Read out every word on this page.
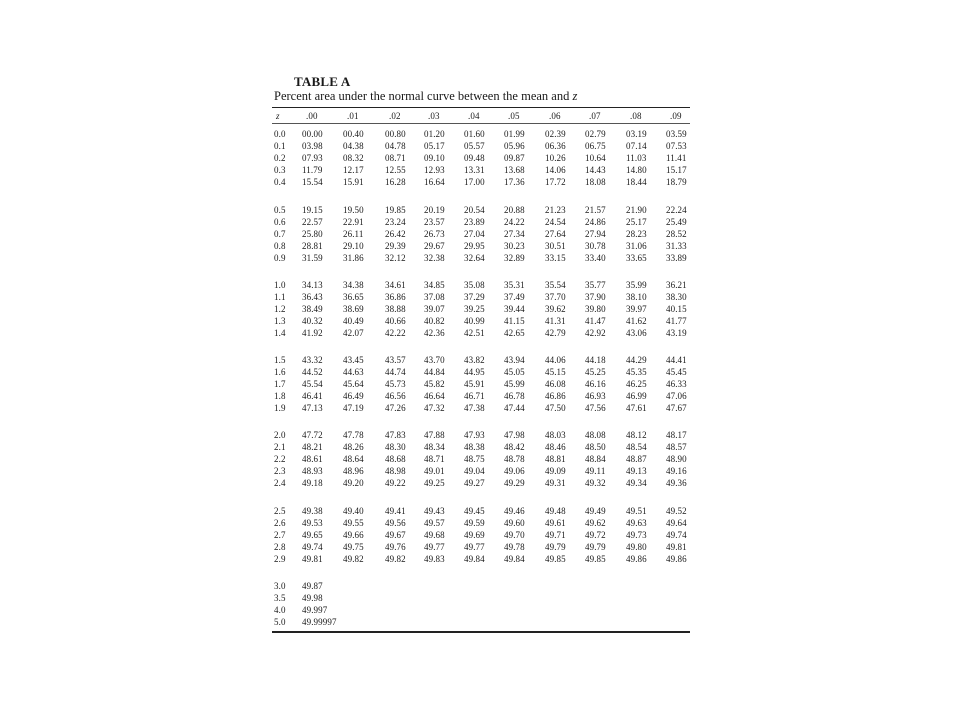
TABLE A
Percent area under the normal curve between the mean and z
z	.00	.01	.02	.03	.04	.05	.06	.07	.08	.09
0.0 00.00 00.40 00.80 01.20 01.60 01.99 02.39 02.79 03.19 03.59
0.1 03.98 04.38 04.78 05.17 05.57 05.96 06.36 06.75 07.14 07.53
0.2 07.93 08.32 08.71 09.10 09.48 09.87 10.26 10.64 11.03 11.41
0.3 11.79 12.17 12.55 12.93 13.31 13.68 14.06 14.43 14.80 15.17
0.4 15.54 15.91 16.28 16.64 17.00 17.36 17.72 18.08 18.44 18.79
0.5 19.15 19.50 19.85 20.19 20.54 20.88 21.23 21.57 21.90 22.24
0.6 22.57 22.91 23.24 23.57 23.89 24.22 24.54 24.86 25.17 25.49
0.7 25.80 26.11 26.42 26.73 27.04 27.34 27.64 27.94 28.23 28.52
0.8 28.81 29.10 29.39 29.67 29.95 30.23 30.51 30.78 31.06 31.33
0.9 31.59 31.86 32.12 32.38 32.64 32.89 33.15 33.40 33.65 33.89
1.0 34.13 34.38 34.61 34.85 35.08 35.31 35.54 35.77 35.99 36.21
1.1 36.43 36.65 36.86 37.08 37.29 37.49 37.70 37.90 38.10 38.30
1.2 38.49 38.69 38.88 39.07 39.25 39.44 39.62 39.80 39.97 40.15
1.3 40.32 40.49 40.66 40.82 40.99 41.15 41.31 41.47 41.62 41.77
1.4 41.92 42.07 42.22 42.36 42.51 42.65 42.79 42.92 43.06 43.19
1.5 43.32 43.45 43.57 43.70 43.82 43.94 44.06 44.18 44.29 44.41
1.6 44.52 44.63 44.74 44.84 44.95 45.05 45.15 45.25 45.35 45.45
1.7 45.54 45.64 45.73 45.82 45.91 45.99 46.08 46.16 46.25 46.33
1.8 46.41 46.49 46.56 46.64 46.71 46.78 46.86 46.93 46.99 47.06
1.9 47.13 47.19 47.26 47.32 47.38 47.44 47.50 47.56 47.61 47.67
2.0 47.72 47.78 47.83 47.88 47.93 47.98 48.03 48.08 48.12 48.17
2.1 48.21 48.26 48.30 48.34 48.38 48.42 48.46 48.50 48.54 48.57
2.2 48.61 48.64 48.68 48.71 48.75 48.78 48.81 48.84 48.87 48.90
2.3 48.93 48.96 48.98 49.01 49.04 49.06 49.09 49.11 49.13 49.16
2.4 49.18 49.20 49.22 49.25 49.27 49.29 49.31 49.32 49.34 49.36
2.5 49.38 49.40 49.41 49.43 49.45 49.46 49.48 49.49 49.51 49.52
2.6 49.53 49.55 49.56 49.57 49.59 49.60 49.61 49.62 49.63 49.64
2.7 49.65 49.66 49.67 49.68 49.69 49.70 49.71 49.72 49.73 49.74
2.8 49.74 49.75 49.76 49.77 49.77 49.78 49.79 49.79 49.80 49.81
2.9 49.81 49.82 49.82 49.83 49.84 49.84 49.85 49.85 49.86 49.86
3.0 49.87
3.5 49.98
4.0 49.997
5.0 49.99997
